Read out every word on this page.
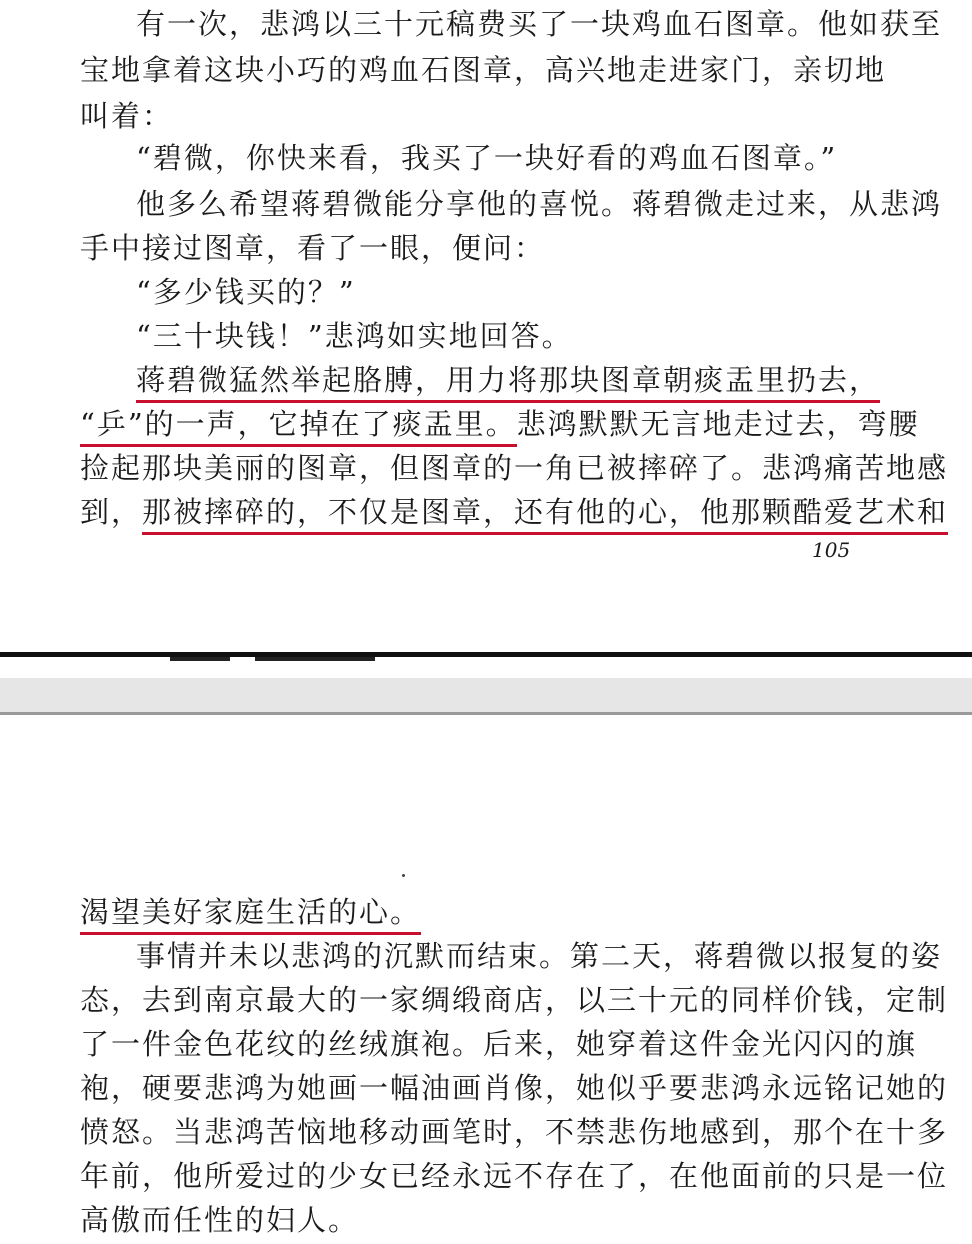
有一次，悲鸿以三十元稿费买了一块鸡血石图章。他如获至
宝地拿着这块小巧的鸡血石图章，高兴地走进家门，亲切地
叫着：
“碧微，你快来看，我买了一块好看的鸡血石图章。”
他多么希望蒋碧微能分享他的喜悦。蒋碧微走过来，从悲鸿
手中接过图章，看了一眼，便问：
“多少钱买的？”
“三十块钱！”悲鸿如实地回答。
蒋碧微猛然举起胳膊，用力将那块图章朝痰盂里扔去，
“乒”的一声，它掉在了痰盂里。悲鸿默默无言地走过去，弯腰
捡起那块美丽的图章，但图章的一角已被摔碎了。悲鸿痛苦地感
到，那被摔碎的，不仅是图章，还有他的心，他那颗酷爱艺术和
105
渴望美好家庭生活的心。
事情并未以悲鸿的沉默而结束。第二天，蒋碧微以报复的姿
态，去到南京最大的一家绸缎商店，以三十元的同样价钱，定制
了一件金色花纹的丝绒旗袍。后来，她穿着这件金光闪闪的旗
袍，硬要悲鸿为她画一幅油画肖像，她似乎要悲鸿永远铭记她的
愤怒。当悲鸿苦恼地移动画笔时，不禁悲伤地感到，那个在十多
年前，他所爱过的少女已经永远不存在了，在他面前的只是一位
高傲而任性的妇人。
